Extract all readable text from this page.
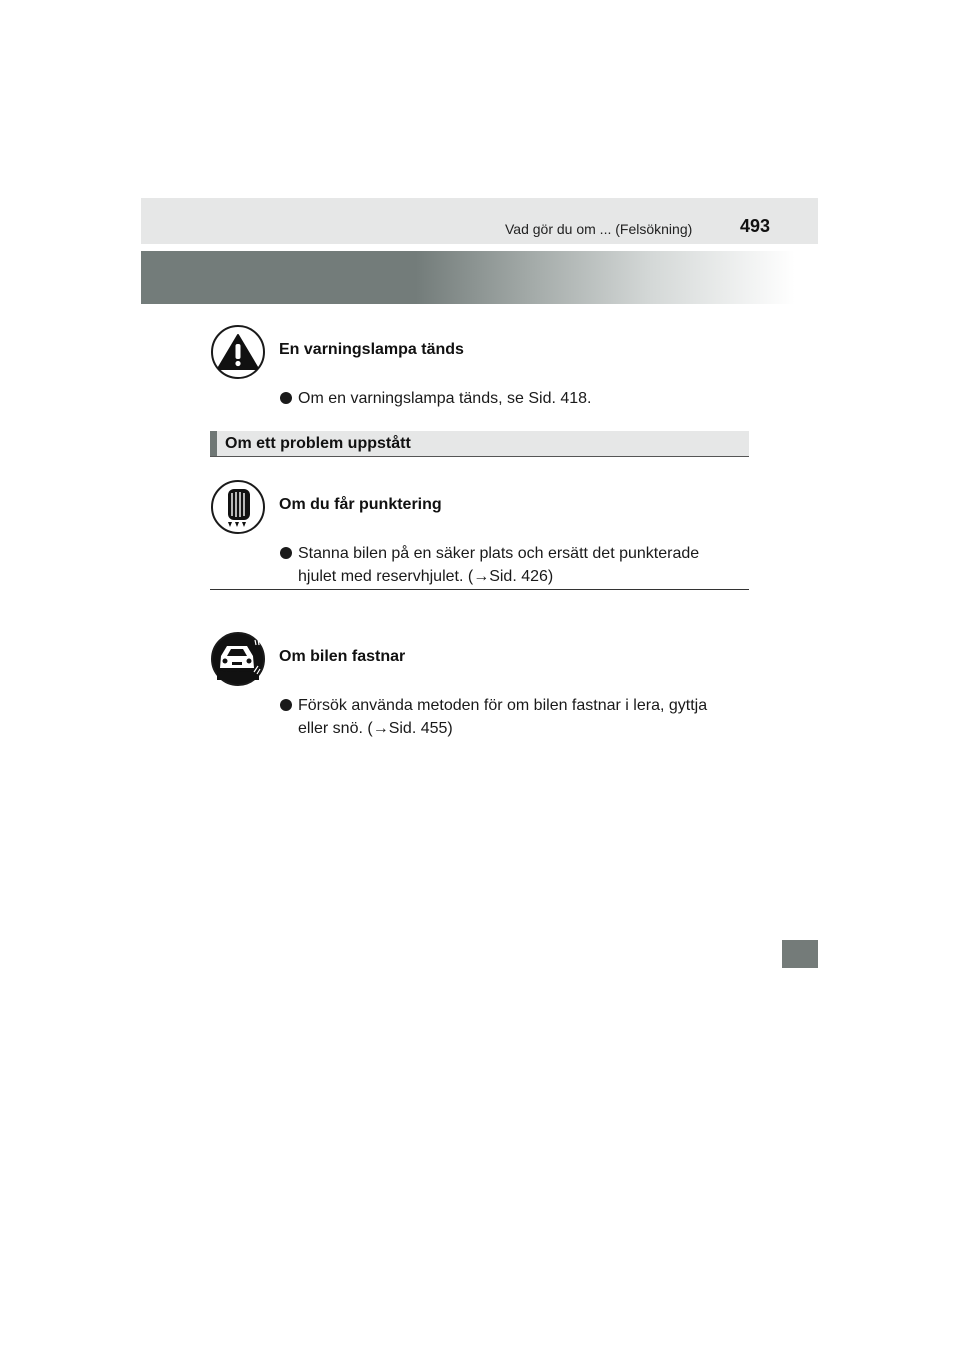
Vad gör du om ... (Felsökning)	493
En varningslampa tänds
Om en varningslampa tänds, se Sid. 418.
Om ett problem uppstått
Om du får punktering
Stanna bilen på en säker plats och ersätt det punkterade
hjulet med reservhjulet. (→Sid. 426)
Om bilen fastnar
Försök använda metoden för om bilen fastnar i lera, gyttja
eller snö. (→Sid. 455)
